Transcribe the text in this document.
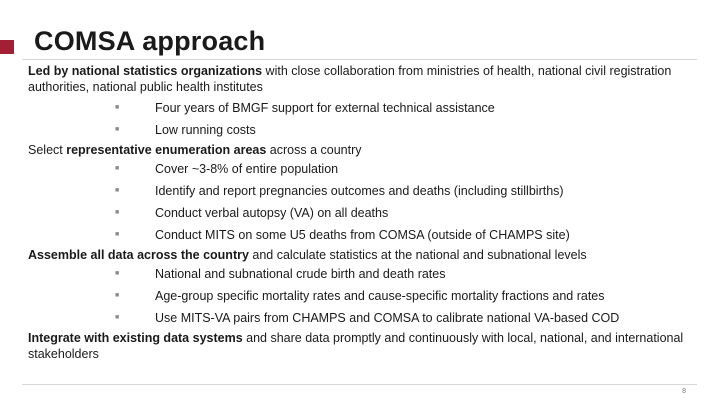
COMSA approach

Led by national statistics organizations with close collaboration from ministries of health, national civil registration authorities, national public health institutes

■	Four years of BMGF support for external technical assistance
■	Low running costs

Select representative enumeration areas across a country

■	Cover ~3-8% of entire population
■	Identify and report pregnancies outcomes and deaths (including stillbirths)
■	Conduct verbal autopsy (VA) on all deaths
■	Conduct MITS on some U5 deaths from COMSA (outside of CHAMPS site)

Assemble all data across the country and calculate statistics at the national and subnational levels

■	National and subnational crude birth and death rates
■	Age-group specific mortality rates and cause-specific mortality fractions and rates
■	Use MITS-VA pairs from CHAMPS and COMSA to calibrate national VA-based COD

Integrate with existing data systems and share data promptly and continuously with local, national, and international stakeholders

8
